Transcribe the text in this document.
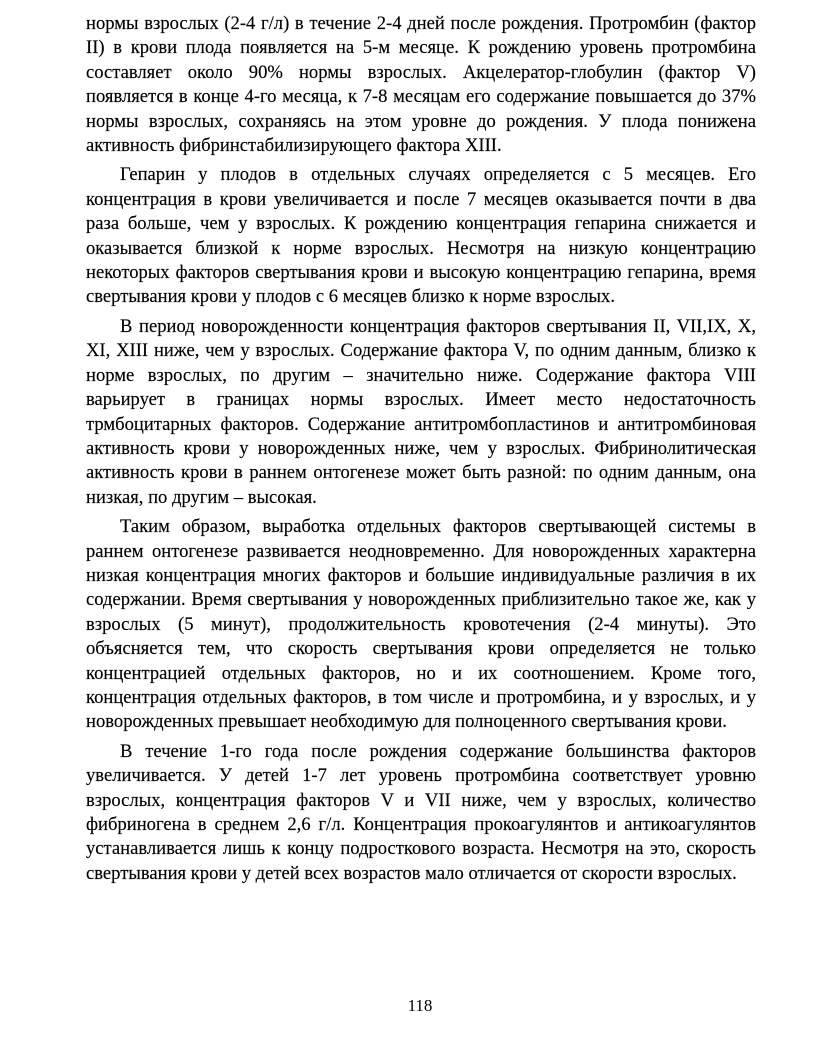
нормы взрослых (2-4 г/л) в течение 2-4 дней после рождения. Протромбин (фактор II) в крови плода появляется на 5-м месяце. К рождению уровень протромбина составляет около 90% нормы взрослых. Акцелератор-глобулин (фактор V) появляется в конце 4-го месяца, к 7-8 месяцам его содержание повышается до 37% нормы взрослых, сохраняясь на этом уровне до рождения. У плода понижена активность фибринстабилизирующего фактора XIII.

Гепарин у плодов в отдельных случаях определяется с 5 месяцев. Его концентрация в крови увеличивается и после 7 месяцев оказывается почти в два раза больше, чем у взрослых. К рождению концентрация гепарина снижается и оказывается близкой к норме взрослых. Несмотря на низкую концентрацию некоторых факторов свертывания крови и высокую концентрацию гепарина, время свертывания крови у плодов с 6 месяцев близко к норме взрослых.

В период новорожденности концентрация факторов свертывания II, VII,IX, X, XI, XIII ниже, чем у взрослых. Содержание фактора V, по одним данным, близко к норме взрослых, по другим – значительно ниже. Содержание фактора VIII варьирует в границах нормы взрослых. Имеет место недостаточность трмбоцитарных факторов. Содержание антитромбопластинов и антитромбиновая активность крови у новорожденных ниже, чем у взрослых. Фибринолитическая активность крови в раннем онтогенезе может быть разной: по одним данным, она низкая, по другим – высокая.

Таким образом, выработка отдельных факторов свертывающей системы в раннем онтогенезе развивается неодновременно. Для новорожденных характерна низкая концентрация многих факторов и большие индивидуальные различия в их содержании. Время свертывания у новорожденных приблизительно такое же, как у взрослых (5 минут), продолжительность кровотечения (2-4 минуты). Это объясняется тем, что скорость свертывания крови определяется не только концентрацией отдельных факторов, но и их соотношением. Кроме того, концентрация отдельных факторов, в том числе и протромбина, и у взрослых, и у новорожденных превышает необходимую для полноценного свертывания крови.

В течение 1-го года после рождения содержание большинства факторов увеличивается. У детей 1-7 лет уровень протромбина соответствует уровню взрослых, концентрация факторов V и VII ниже, чем у взрослых, количество фибриногена в среднем 2,6 г/л. Концентрация прокоагулянтов и антикоагулянтов устанавливается лишь к концу подросткового возраста. Несмотря на это, скорость свертывания крови у детей всех возрастов мало отличается от скорости взрослых.

118
